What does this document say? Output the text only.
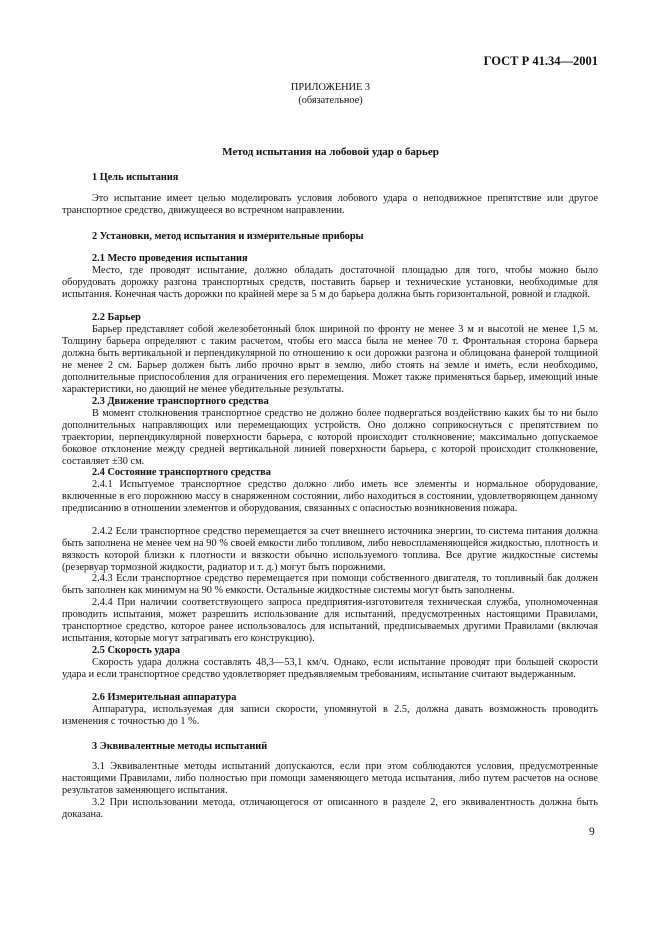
ГОСТ Р 41.34—2001
ПРИЛОЖЕНИЕ 3
(обязательное)
Метод испытания на лобовой удар о барьер
1 Цель испытания

Это испытание имеет целью моделировать условия лобового удара о неподвижное препятствие или другое транспортное средство, движущееся во встречном направлении.

2 Установки, метод испытания и измерительные приборы
2.1 Место проведения испытания

Место, где проводят испытание, должно обладать достаточной площадью для того, чтобы можно было оборудовать дорожку разгона транспортных средств, поставить барьер и технические установки, необходимые для испытания. Конечная часть дорожки по крайней мере за 5 м до барьера должна быть горизонтальной, ровной и гладкой.

2.2 Барьер

Барьер представляет собой железобетонный блок шириной по фронту не менее 3 м и высотой не менее 1,5 м. Толщину барьера определяют с таким расчетом, чтобы его масса была не менее 70 т. Фронтальная сторона барьера должна быть вертикальной и перпендикулярной по отношению к оси дорожки разгона и облицована фанерой толщиной не менее 2 см. Барьер должен быть либо прочно врыт в землю, либо стоять на земле и иметь, если необходимо, дополнительные приспособления для ограничения его перемещения. Может также применяться барьер, имеющий иные характеристики, но дающий не менее убедительные результаты.

2.3 Движение транспортного средства

В момент столкновения транспортное средство не должно более подвергаться воздействию каких бы то ни было дополнительных направляющих или перемещающих устройств. Оно должно соприкоснуться с препятствием по траектории, перпендикулярной поверхности барьера, с которой происходит столкновение; максимально допускаемое боковое отклонение между средней вертикальной линией поверхности барьера, с которой происходит столкновение, составляет ±30 см.

2.4 Состояние транспортного средства

2.4.1 Испытуемое транспортное средство должно либо иметь все элементы и нормальное оборудование, включенные в его порожнюю массу в снаряженном состоянии, либо находиться в состоянии, удовлетворяющем данному предписанию в отношении элементов и оборудования, связанных с опасностью возникновения пожара.

2.4.2 Если транспортное средство перемещается за счет внешнего источника энергии, то система питания должна быть заполнена не менее чем на 90 % своей емкости либо топливом, либо невоспламеняющейся жидкостью, плотность и вязкость которой близки к плотности и вязкости обычно используемого топлива. Все другие жидкостные системы (резервуар тормозной жидкости, радиатор и т. д.) могут быть порожними.

2.4.3 Если транспортное средство перемещается при помощи собственного двигателя, то топливный бак должен быть заполнен как минимум на 90 % емкости. Остальные жидкостные системы могут быть заполнены.

2.4.4 При наличии соответствующего запроса предприятия-изготовителя техническая служба, уполномоченная проводить испытания, может разрешить использование для испытаний, предусмотренных настоящими Правилами, транспортное средство, которое ранее использовалось для испытаний, предписываемых другими Правилами (включая испытания, которые могут затрагивать его конструкцию).

2.5 Скорость удара

Скорость удара должна составлять 48,3—53,1 км/ч. Однако, если испытание проводят при большей скорости удара и если транспортное средство удовлетворяет предъявляемым требованиям, испытание считают выдержанным.

2.6 Измерительная аппаратура

Аппаратура, используемая для записи скорости, упомянутой в 2.5, должна давать возможность проводить изменения с точностью до 1 %.

3 Эквивалентные методы испытаний

3.1 Эквивалентные методы испытаний допускаются, если при этом соблюдаются условия, предусмотренные настоящими Правилами, либо полностью при помощи заменяющего метода испытания, либо путем расчетов на основе результатов заменяющего испытания.

3.2 При использовании метода, отличающегося от описанного в разделе 2, его эквивалентность должна быть доказана.

9
